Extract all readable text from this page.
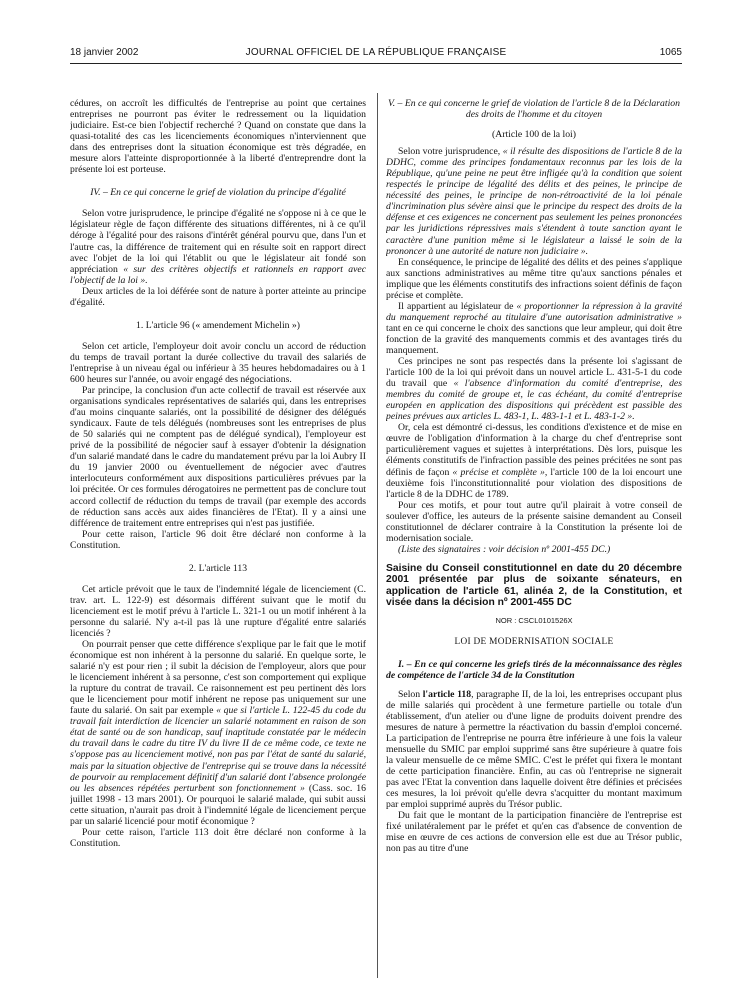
18 janvier 2002	JOURNAL OFFICIEL DE LA RÉPUBLIQUE FRANÇAISE	1065

cédures, on accroît les difficultés de l'entreprise au point que certaines entreprises ne pourront pas éviter le redressement ou la liquidation judiciaire. Est-ce bien l'objectif recherché ? Quand on constate que dans la quasi-totalité des cas les licenciements économiques n'interviennent que dans des entreprises dont la situation économique est très dégradée, en mesure alors l'atteinte disproportionnée à la liberté d'entreprendre dont la présente loi est porteuse.

IV. – En ce qui concerne le grief de violation du principe d'égalité

Selon votre jurisprudence, le principe d'égalité ne s'oppose ni à ce que le législateur règle de façon différente des situations différentes, ni à ce qu'il déroge à l'égalité pour des raisons d'intérêt général pourvu que, dans l'un et l'autre cas, la différence de traitement qui en résulte soit en rapport direct avec l'objet de la loi qui l'établit ou que le législateur ait fondé son appréciation « sur des critères objectifs et rationnels en rapport avec l'objectif de la loi ».

Deux articles de la loi déférée sont de nature à porter atteinte au principe d'égalité.

1. L'article 96 (« amendement Michelin »)

Selon cet article, l'employeur doit avoir conclu un accord de réduction du temps de travail portant la durée collective du travail des salariés de l'entreprise à un niveau égal ou inférieur à 35 heures hebdomadaires ou à 1 600 heures sur l'année, ou avoir engagé des négociations.

Par principe, la conclusion d'un acte collectif de travail est réservée aux organisations syndicales représentatives de salariés qui, dans les entreprises d'au moins cinquante salariés, ont la possibilité de désigner des délégués syndicaux. Faute de tels délégués (nombreuses sont les entreprises de plus de 50 salariés qui ne comptent pas de délégué syndical), l'employeur est privé de la possibilité de négocier sauf à essayer d'obtenir la désignation d'un salarié mandaté dans le cadre du mandatement prévu par la loi Aubry II du 19 janvier 2000 ou éventuellement de négocier avec d'autres interlocuteurs conformément aux dispositions particulières prévues par la loi précitée. Or ces formules dérogatoires ne permettent pas de conclure tout accord collectif de réduction du temps de travail (par exemple des accords de réduction sans accès aux aides financières de l'Etat). Il y a ainsi une différence de traitement entre entreprises qui n'est pas justifiée.

Pour cette raison, l'article 96 doit être déclaré non conforme à la Constitution.

2. L'article 113

Cet article prévoit que le taux de l'indemnité légale de licenciement (C. trav. art. L. 122-9) est désormais différent suivant que le motif du licenciement est le motif prévu à l'article L. 321-1 ou un motif inhérent à la personne du salarié. N'y a-t-il pas là une rupture d'égalité entre salariés licenciés ?

On pourrait penser que cette différence s'explique par le fait que le motif économique est non inhérent à la personne du salarié. En quelque sorte, le salarié n'y est pour rien ; il subit la décision de l'employeur, alors que pour le licenciement inhérent à sa personne, c'est son comportement qui explique la rupture du contrat de travail. Ce raisonnement est peu pertinent dès lors que le licenciement pour motif inhérent ne repose pas uniquement sur une faute du salarié. On sait par exemple « que si l'article L. 122-45 du code du travail fait interdiction de licencier un salarié notamment en raison de son état de santé ou de son handicap, sauf inaptitude constatée par le médecin du travail dans le cadre du titre IV du livre II de ce même code, ce texte ne s'oppose pas au licenciement motivé, non pas par l'état de santé du salarié, mais par la situation objective de l'entreprise qui se trouve dans la nécessité de pourvoir au remplacement définitif d'un salarié dont l'absence prolongée ou les absences répétées perturbent son fonctionnement » (Cass. soc. 16 juillet 1998 - 13 mars 2001). Or pourquoi le salarié malade, qui subit aussi cette situation, n'aurait pas droit à l'indemnité légale de licenciement perçue par un salarié licencié pour motif économique ?

Pour cette raison, l'article 113 doit être déclaré non conforme à la Constitution.

V. – En ce qui concerne le grief de violation de l'article 8 de la Déclaration des droits de l'homme et du citoyen

(Article 100 de la loi)

Selon votre jurisprudence, « il résulte des dispositions de l'article 8 de la DDHC, comme des principes fondamentaux reconnus par les lois de la République, qu'une peine ne peut être infligée qu'à la condition que soient respectés le principe de légalité des délits et des peines, le principe de nécessité des peines, le principe de non-rétroactivité de la loi pénale d'incrimination plus sévère ainsi que le principe du respect des droits de la défense et ces exigences ne concernent pas seulement les peines prononcées par les juridictions répressives mais s'étendent à toute sanction ayant le caractère d'une punition même si le législateur a laissé le soin de la prononcer à une autorité de nature non judiciaire ».

En conséquence, le principe de légalité des délits et des peines s'applique aux sanctions administratives au même titre qu'aux sanctions pénales et implique que les éléments constitutifs des infractions soient définis de façon précise et complète.

Il appartient au législateur de « proportionner la répression à la gravité du manquement reproché au titulaire d'une autorisation administrative » tant en ce qui concerne le choix des sanctions que leur ampleur, qui doit être fonction de la gravité des manquements commis et des avantages tirés du manquement.

Ces principes ne sont pas respectés dans la présente loi s'agissant de l'article 100 de la loi qui prévoit dans un nouvel article L. 431-5-1 du code du travail que « l'absence d'information du comité d'entreprise, des membres du comité de groupe et, le cas échéant, du comité d'entreprise européen en application des dispositions qui précèdent est passible des peines prévues aux articles L. 483-1, L. 483-1-1 et L. 483-1-2 ».

Or, cela est démontré ci-dessus, les conditions d'existence et de mise en œuvre de l'obligation d'information à la charge du chef d'entreprise sont particulièrement vagues et sujettes à interprétations. Dès lors, puisque les éléments constitutifs de l'infraction passible des peines précitées ne sont pas définis de façon « précise et complète », l'article 100 de la loi encourt une deuxième fois l'inconstitutionnalité pour violation des dispositions de l'article 8 de la DDHC de 1789.

Pour ces motifs, et pour tout autre qu'il plairait à votre conseil de soulever d'office, les auteurs de la présente saisine demandent au Conseil constitutionnel de déclarer contraire à la Constitution la présente loi de modernisation sociale.

(Liste des signataires : voir décision nº 2001-455 DC.)

Saisine du Conseil constitutionnel en date du 20 décembre 2001 présentée par plus de soixante sénateurs, en application de l'article 61, alinéa 2, de la Constitution, et visée dans la décision nº 2001-455 DC
NOR : CSCL0101526X
LOI DE MODERNISATION SOCIALE

I. – En ce qui concerne les griefs tirés de la méconnaissance des règles de compétence de l'article 34 de la Constitution

Selon l'article 118, paragraphe II, de la loi, les entreprises occupant plus de mille salariés qui procèdent à une fermeture partielle ou totale d'un établissement, d'un atelier ou d'une ligne de produits doivent prendre des mesures de nature à permettre la réactivation du bassin d'emploi concerné. La participation de l'entreprise ne pourra être inférieure à une fois la valeur mensuelle du SMIC par emploi supprimé sans être supérieure à quatre fois la valeur mensuelle de ce même SMIC. C'est le préfet qui fixera le montant de cette participation financière. Enfin, au cas où l'entreprise ne signerait pas avec l'Etat la convention dans laquelle doivent être définies et précisées ces mesures, la loi prévoit qu'elle devra s'acquitter du montant maximum par emploi supprimé auprès du Trésor public.

Du fait que le montant de la participation financière de l'entreprise est fixé unilatéralement par le préfet et qu'en cas d'absence de convention de mise en œuvre de ces actions de conversion elle est due au Trésor public, non pas au titre d'une
